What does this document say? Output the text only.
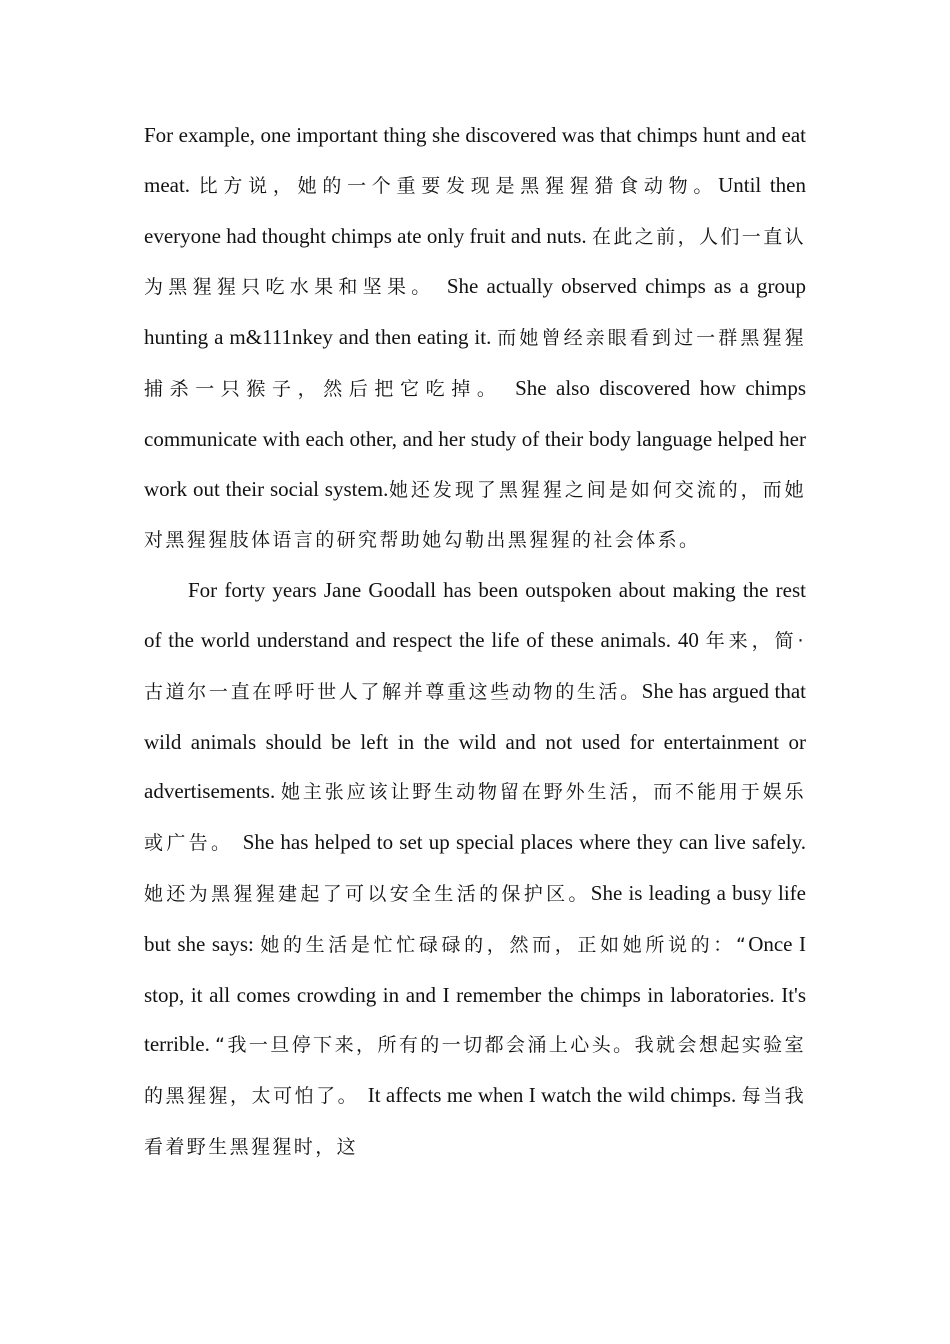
For example, one important thing she discovered was that chimps hunt and eat meat. 比方说，她的一个重要发现是黑猩猩猎食动物。Until then everyone had thought chimps ate only fruit and nuts. 在此之前，人们一直认为黑猩猩只吃水果和坚果。 She actually observed chimps as a group hunting a m&111nkey and then eating it. 而她曾经亲眼看到过一群黑猩猩捕杀一只猴子，然后把它吃掉。 She also discovered how chimps communicate with each other, and her study of their body language helped her work out their social system.她还发现了黑猩猩之间是如何交流的，而她对黑猩猩肢体语言的研究帮助她勾勒出黑猩猩的社会体系。

For forty years Jane Goodall has been outspoken about making the rest of the world understand and respect the life of these animals. 40 年来，简· 古道尔一直在呼吁世人了解并尊重这些动物的生活。She has argued that wild animals should be left in the wild and not used for entertainment or advertisements. 她主张应该让野生动物留在野外生活，而不能用于娱乐或广告。 She has helped to set up special places where they can live safely. 她还为黑猩猩建起了可以安全生活的保护区。She is leading a busy life but she says: 她的生活是忙忙碌碌的，然而，正如她所说的：“Once I stop, it all comes crowding in and I remember the chimps in laboratories. It's terrible. “我一旦停下来，所有的一切都会涌上心头。我就会想起实验室的黑猩猩，太可怕了。 It affects me when I watch the wild chimps. 每当我看着野生黑猩猩时，这
